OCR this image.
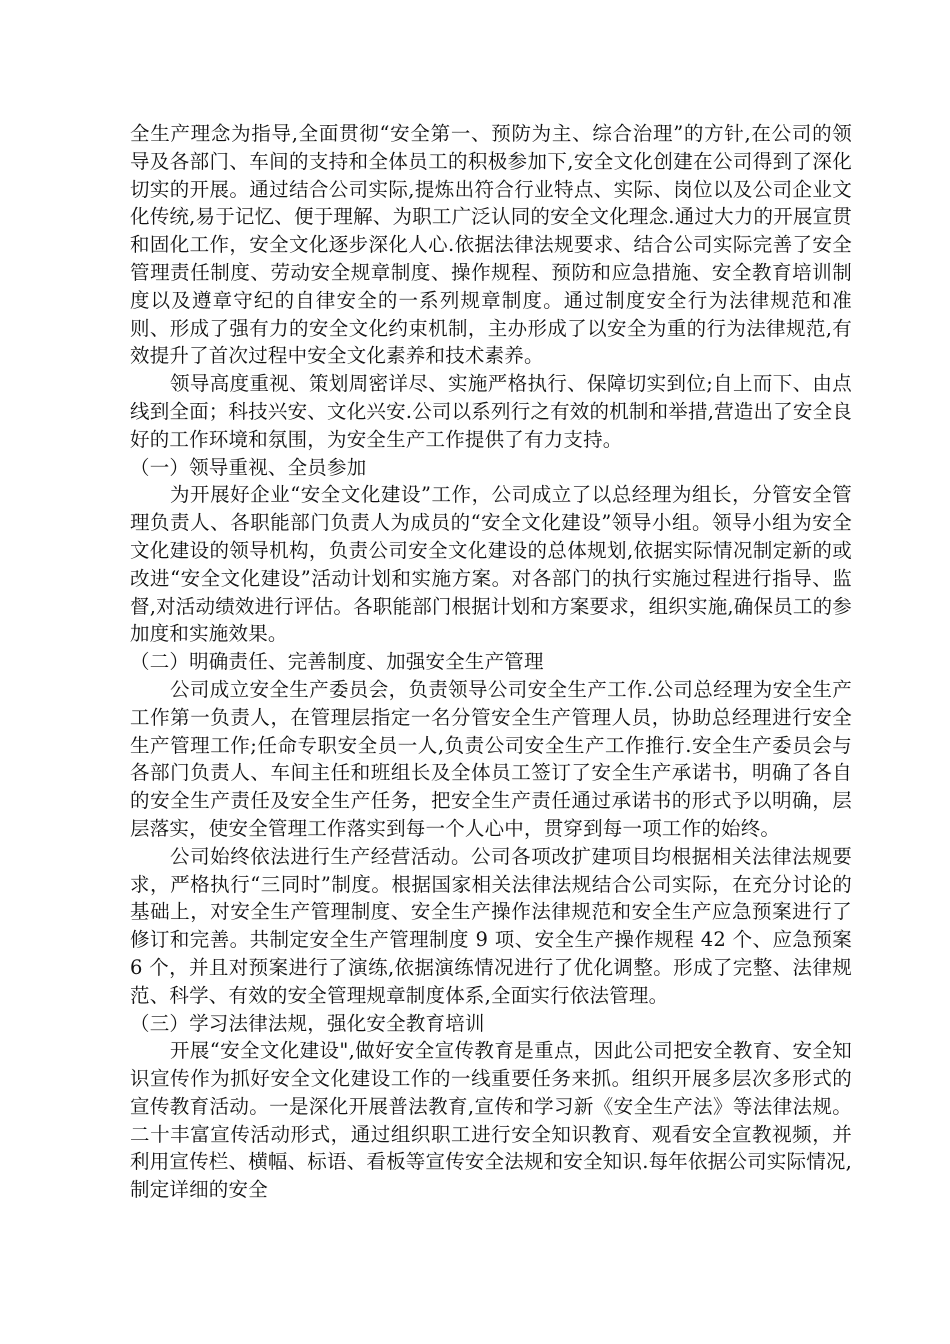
全生产理念为指导,全面贯彻“安全第一、预防为主、综合治理”的方针,在公司的领导及各部门、车间的支持和全体员工的积极参加下,安全文化创建在公司得到了深化切实的开展。通过结合公司实际,提炼出符合行业特点、实际、岗位以及公司企业文化传统,易于记忆、便于理解、为职工广泛认同的安全文化理念.通过大力的开展宣贯和固化工作，安全文化逐步深化人心.依据法律法规要求、结合公司实际完善了安全管理责任制度、劳动安全规章制度、操作规程、预防和应急措施、安全教育培训制度以及遵章守纪的自律安全的一系列规章制度。通过制度安全行为法律规范和准则、形成了强有力的安全文化约束机制，主办形成了以安全为重的行为法律规范,有效提升了首次过程中安全文化素养和技术素养。

领导高度重视、策划周密详尽、实施严格执行、保障切实到位;自上而下、由点线到全面；科技兴安、文化兴安.公司以系列行之有效的机制和举措,营造出了安全良好的工作环境和氛围，为安全生产工作提供了有力支持。

（一）领导重视、全员参加

为开展好企业“安全文化建设”工作，公司成立了以总经理为组长，分管安全管理负责人、各职能部门负责人为成员的“安全文化建设”领导小组。领导小组为安全文化建设的领导机构，负责公司安全文化建设的总体规划,依据实际情况制定新的或改进“安全文化建设”活动计划和实施方案。对各部门的执行实施过程进行指导、监督,对活动绩效进行评估。各职能部门根据计划和方案要求，组织实施,确保员工的参加度和实施效果。

（二）明确责任、完善制度、加强安全生产管理

公司成立安全生产委员会，负责领导公司安全生产工作.公司总经理为安全生产工作第一负责人，在管理层指定一名分管安全生产管理人员，协助总经理进行安全生产管理工作;任命专职安全员一人,负责公司安全生产工作推行.安全生产委员会与各部门负责人、车间主任和班组长及全体员工签订了安全生产承诺书，明确了各自的安全生产责任及安全生产任务，把安全生产责任通过承诺书的形式予以明确，层层落实，使安全管理工作落实到每一个人心中，贯穿到每一项工作的始终。

公司始终依法进行生产经营活动。公司各项改扩建项目均根据相关法律法规要求，严格执行“三同时”制度。根据国家相关法律法规结合公司实际，在充分讨论的基础上，对安全生产管理制度、安全生产操作法律规范和安全生产应急预案进行了修订和完善。共制定安全生产管理制度 9 项、安全生产操作规程 42 个、应急预案 6 个，并且对预案进行了演练,依据演练情况进行了优化调整。形成了完整、法律规范、科学、有效的安全管理规章制度体系,全面实行依法管理。

（三）学习法律法规，强化安全教育培训

开展“安全文化建设",做好安全宣传教育是重点，因此公司把安全教育、安全知识宣传作为抓好安全文化建设工作的一线重要任务来抓。组织开展多层次多形式的宣传教育活动。一是深化开展普法教育,宣传和学习新《安全生产法》等法律法规。二十丰富宣传活动形式，通过组织职工进行安全知识教育、观看安全宣教视频，并利用宣传栏、横幅、标语、看板等宣传安全法规和安全知识.每年依据公司实际情况,制定详细的安全
